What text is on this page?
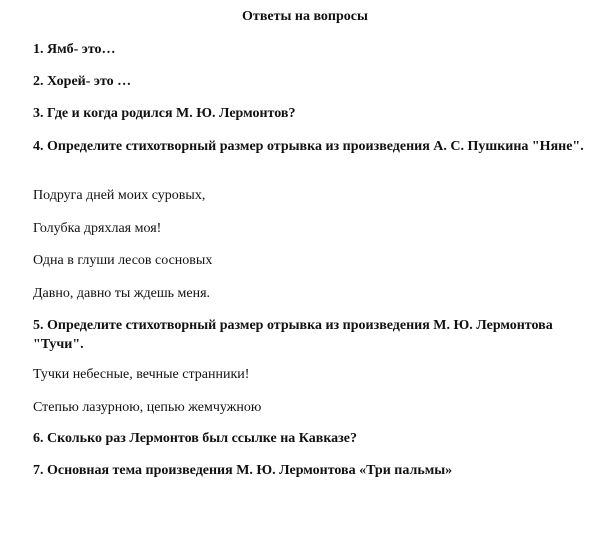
Ответы на вопросы
1. Ямб- это…
2. Хорей- это …
3. Где и когда родился М. Ю. Лермонтов?
4. Определите стихотворный размер отрывка из произведения А. С. Пушкина "Няне".
Подруга дней моих суровых,
Голубка дряхлая моя!
Одна в глуши лесов сосновых
Давно, давно ты ждешь меня.
5. Определите стихотворный размер отрывка из произведения М. Ю. Лермонтова "Тучи".
Тучки небесные, вечные странники!
Степью лазурною, цепью жемчужною
6. Сколько раз Лермонтов был ссылке на Кавказе?
7. Основная тема произведения М. Ю. Лермонтова «Три пальмы»
